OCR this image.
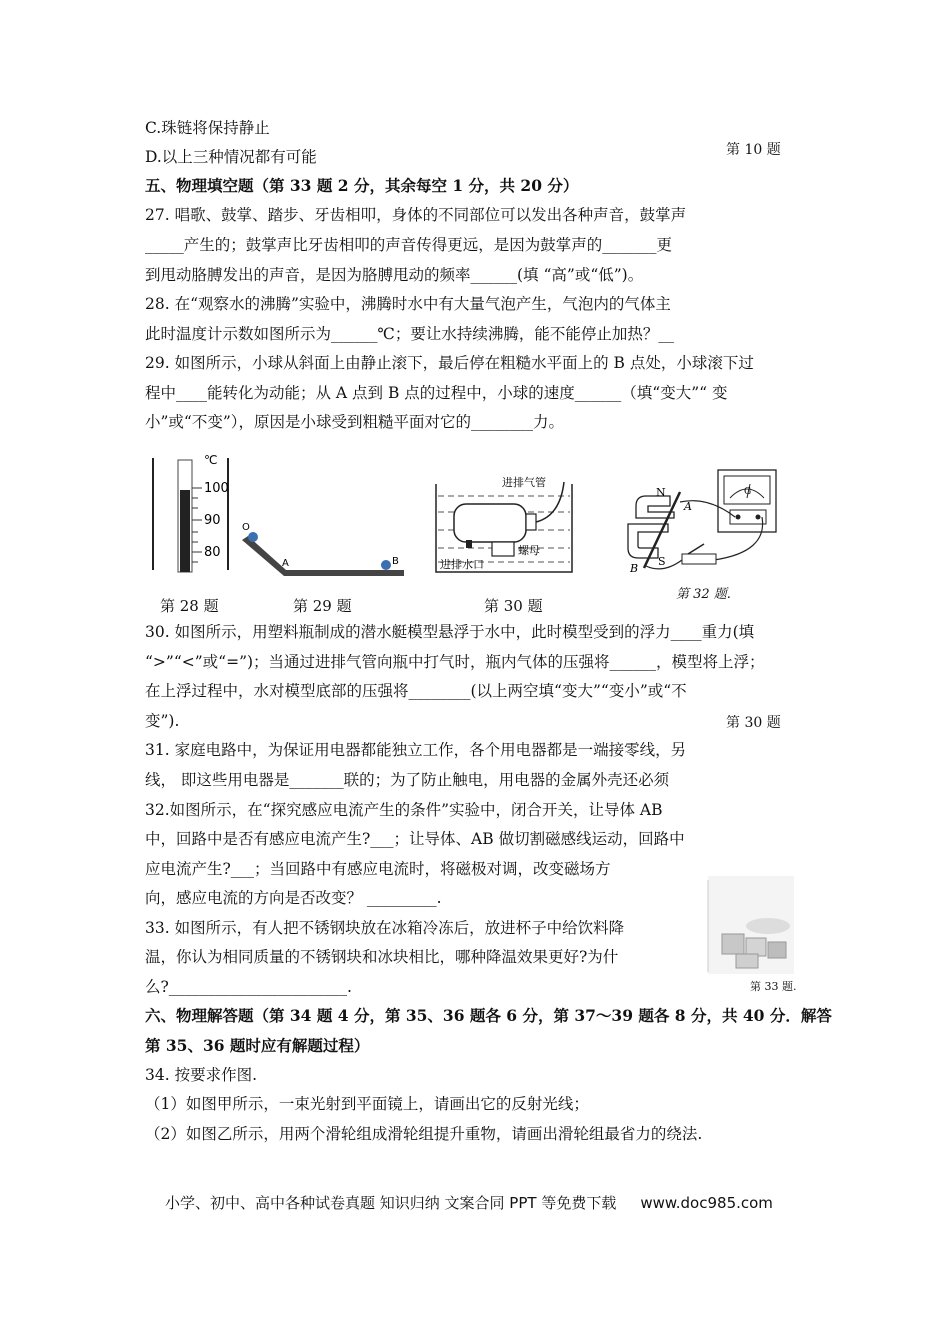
C.珠链将保持静止
D.以上三种情况都有可能
五、物理填空题（第 33 题 2 分，其余每空 1 分，共 20 分）
27. 唱歌、鼓掌、踏步、牙齿相叩，身体的不同部位可以发出各种声音，鼓掌声
_____产生的；鼓掌声比牙齿相叩的声音传得更远，是因为鼓掌声的_______更
到甩动胳膊发出的声音，是因为胳膊甩动的频率______(填 “高”或“低”)。
28. 在“观察水的沸腾”实验中，沸腾时水中有大量气泡产生，气泡内的气体主
此时温度计示数如图所示为______℃；要让水持续沸腾，能不能停止加热？__
29. 如图所示，小球从斜面上由静止滚下，最后停在粗糙水平面上的 B 点处，小球滚下过
程中____能转化为动能；从 A 点到 B 点的过程中，小球的速度______（填“变大”“ 变
小”或“不变”），原因是小球受到粗糙平面对它的________力。
30. 如图所示，用塑料瓶制成的潜水艇模型悬浮于水中，此时模型受到的浮力____重力(填
“>”“<”或“=”)；当通过进排气管向瓶中打气时，瓶内气体的压强将______，模型将上浮；
在上浮过程中，水对模型底部的压强将________(以上两空填“变大”“变小”或“不
变”).
31. 家庭电路中，为保证用电器都能独立工作，各个用电器都是一端接零线，另
线， 即这些用电器是_______联的；为了防止触电，用电器的金属外壳还必须
32.如图所示，在“探究感应电流产生的条件”实验中，闭合开关，让导体 AB
中，回路中是否有感应电流产生?___；让导体、AB 做切割磁感线运动，回路中
应电流产生?___；当回路中有感应电流时，将磁极对调，改变磁场方
向，感应电流的方向是否改变？ _________.
33. 如图所示，有人把不锈钢块放在冰箱冷冻后，放进杯子中给饮料降
温，你认为相同质量的不锈钢块和冰块相比，哪种降温效果更好?为什
么?_______________________.
六、物理解答题（第 34 题 4 分，第 35、36 题各 6 分，第 37～39 题各 8 分，共 40 分．解答
第 35、36 题时应有解题过程）
34. 按要求作图.
（1）如图甲所示，一束光射到平面镜上，请画出它的反射光线；
（2）如图乙所示，用两个滑轮组成滑轮组提升重物，请画出滑轮组最省力的绕法.
第 10 题
第 30 题
第 28 题	第 29 题	第 30 题
第 32 题.
第 33 题.
℃
100
90
80
O
A	B
进排气管
螺母
进排水口
N
S
A
B
G
小学、初中、高中各种试卷真题 知识归纳 文案合同 PPT 等免费下载 www.doc985.com
